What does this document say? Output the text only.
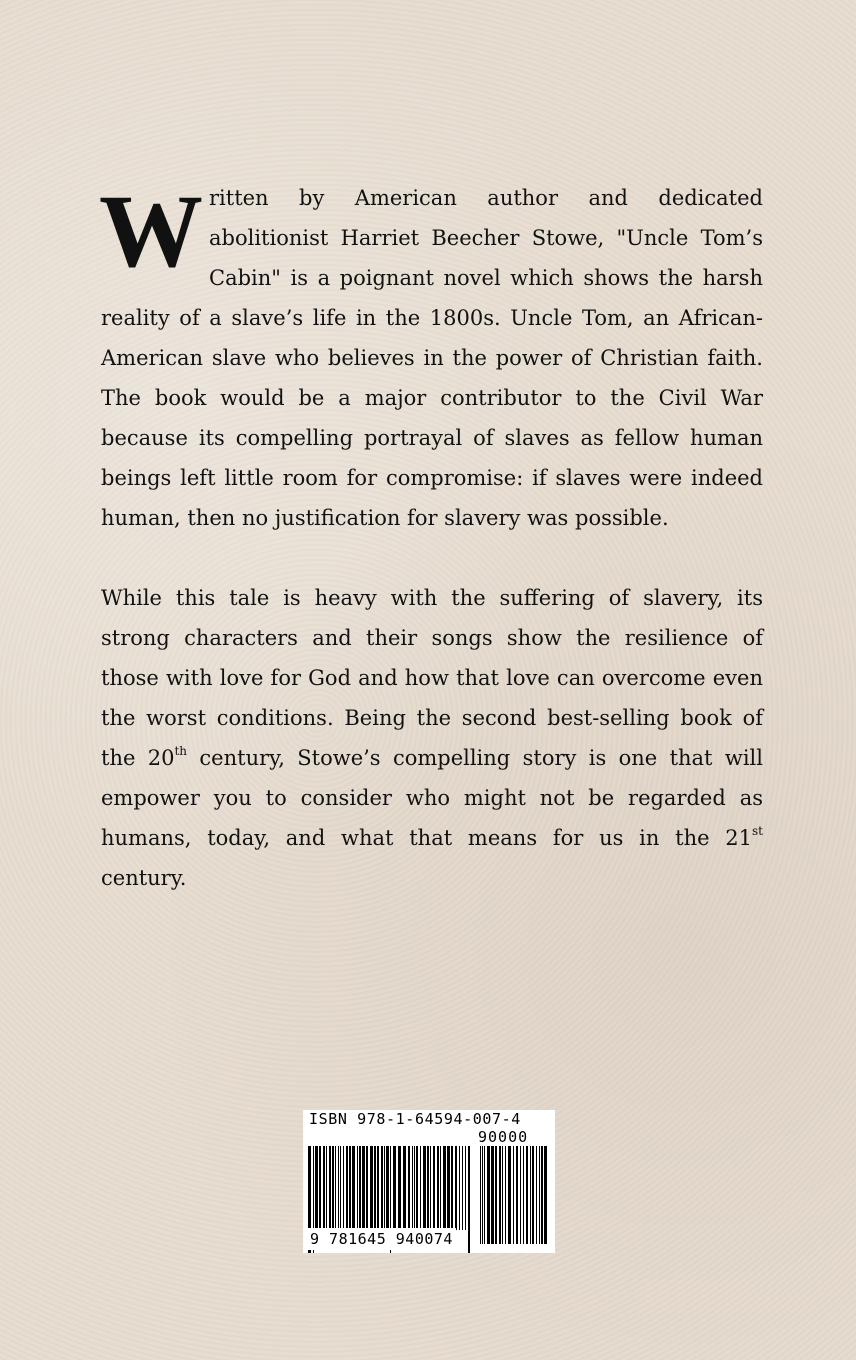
Written by American author and dedicated abolitionist Harriet Beecher Stowe, "Uncle Tom’s Cabin" is a poignant novel which shows the harsh reality of a slave’s life in the 1800s. Uncle Tom, an African-American slave who believes in the power of Christian faith. The book would be a major contributor to the Civil War because its compelling portrayal of slaves as fellow human beings left little room for compromise: if slaves were indeed human, then no justification for slavery was possible.

While this tale is heavy with the suffering of slavery, its strong characters and their songs show the resilience of those with love for God and how that love can overcome even the worst conditions. Being the second best-selling book of the 20th century, Stowe’s compelling story is one that will empower you to consider who might not be regarded as humans, today, and what that means for us in the 21st century.

ISBN 978-1-64594-007-4
90000
9 781645 940074
